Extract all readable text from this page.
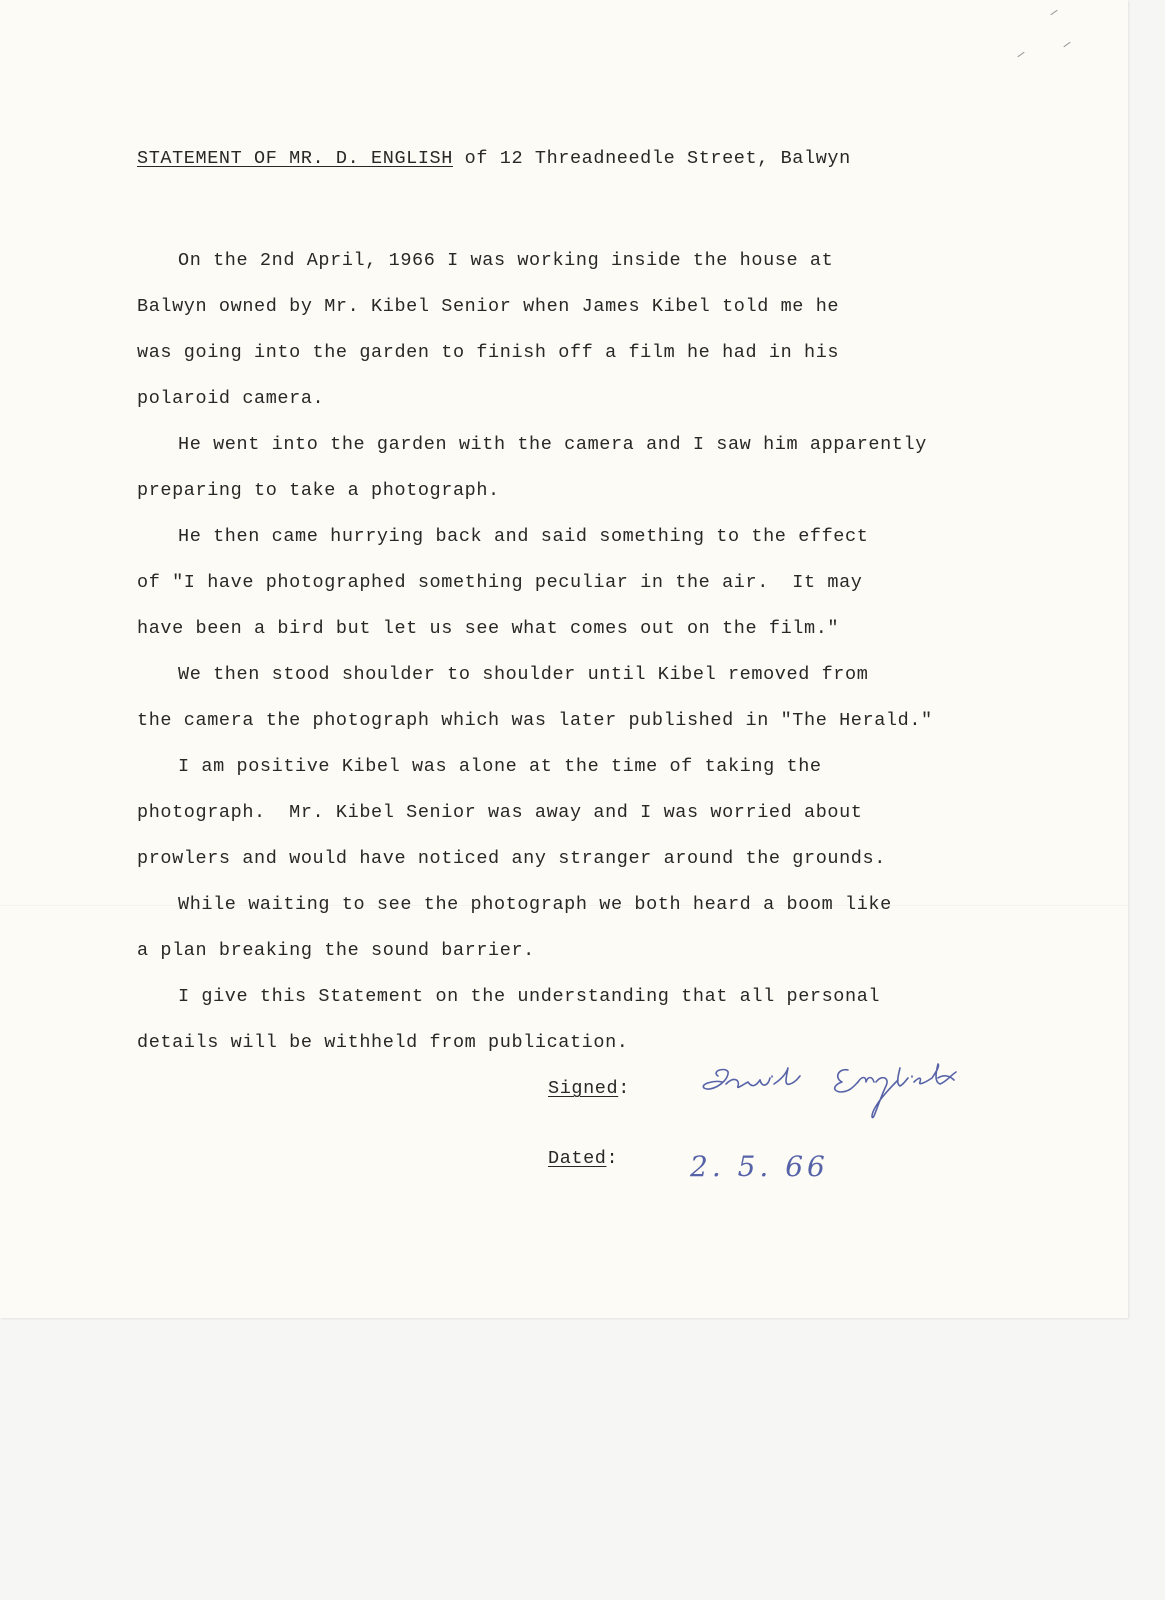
STATEMENT OF MR. D. ENGLISH of 12 Threadneedle Street, Balwyn
On the 2nd April, 1966 I was working inside the house at
Balwyn owned by Mr. Kibel Senior when James Kibel told me he
was going into the garden to finish off a film he had in his
polaroid camera.
He went into the garden with the camera and I saw him apparently
preparing to take a photograph.
He then came hurrying back and said something to the effect
of "I have photographed something peculiar in the air.  It may
have been a bird but let us see what comes out on the film."
We then stood shoulder to shoulder until Kibel removed from
the camera the photograph which was later published in "The Herald."
I am positive Kibel was alone at the time of taking the
photograph.  Mr. Kibel Senior was away and I was worried about
prowlers and would have noticed any stranger around the grounds.
While waiting to see the photograph we both heard a boom like
a plan breaking the sound barrier.
I give this Statement on the understanding that all personal
details will be withheld from publication.
Signed:
Dated:	2. 5. 66
